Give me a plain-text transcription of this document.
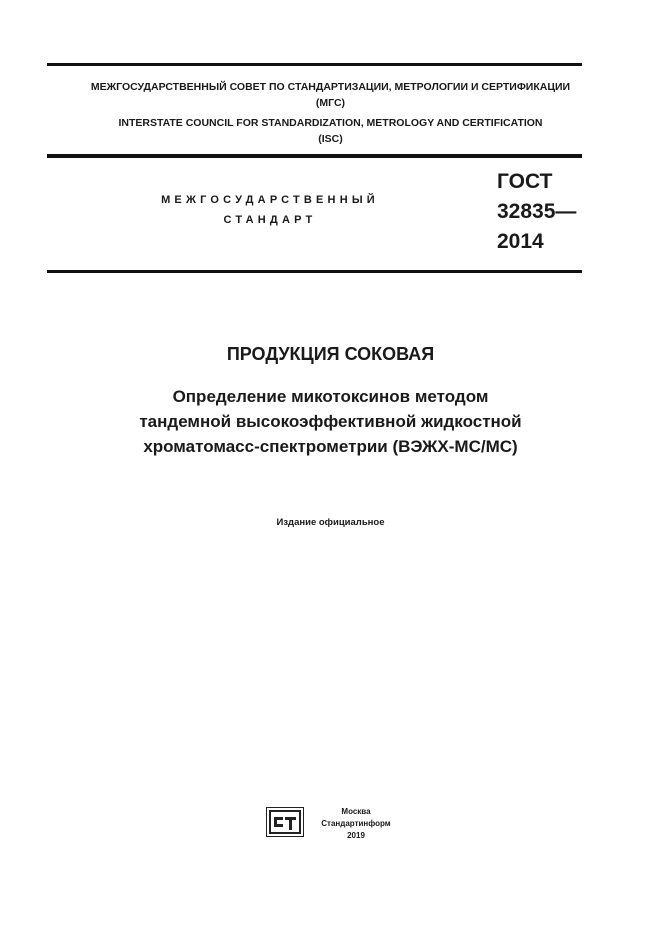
МЕЖГОСУДАРСТВЕННЫЙ СОВЕТ ПО СТАНДАРТИЗАЦИИ, МЕТРОЛОГИИ И СЕРТИФИКАЦИИ
(МГС)
INTERSTATE COUNCIL FOR STANDARDIZATION, METROLOGY AND CERTIFICATION
(ISC)
МЕЖГОСУДАРСТВЕННЫЙ
СТАНДАРТ
ГОСТ
32835—
2014
ПРОДУКЦИЯ СОКОВАЯ
Определение микотоксинов методом
тандемной высокоэффективной жидкостной
хроматомасс-спектрометрии (ВЭЖХ-МС/МС)
Издание официальное
Москва
Стандартинформ
2019
